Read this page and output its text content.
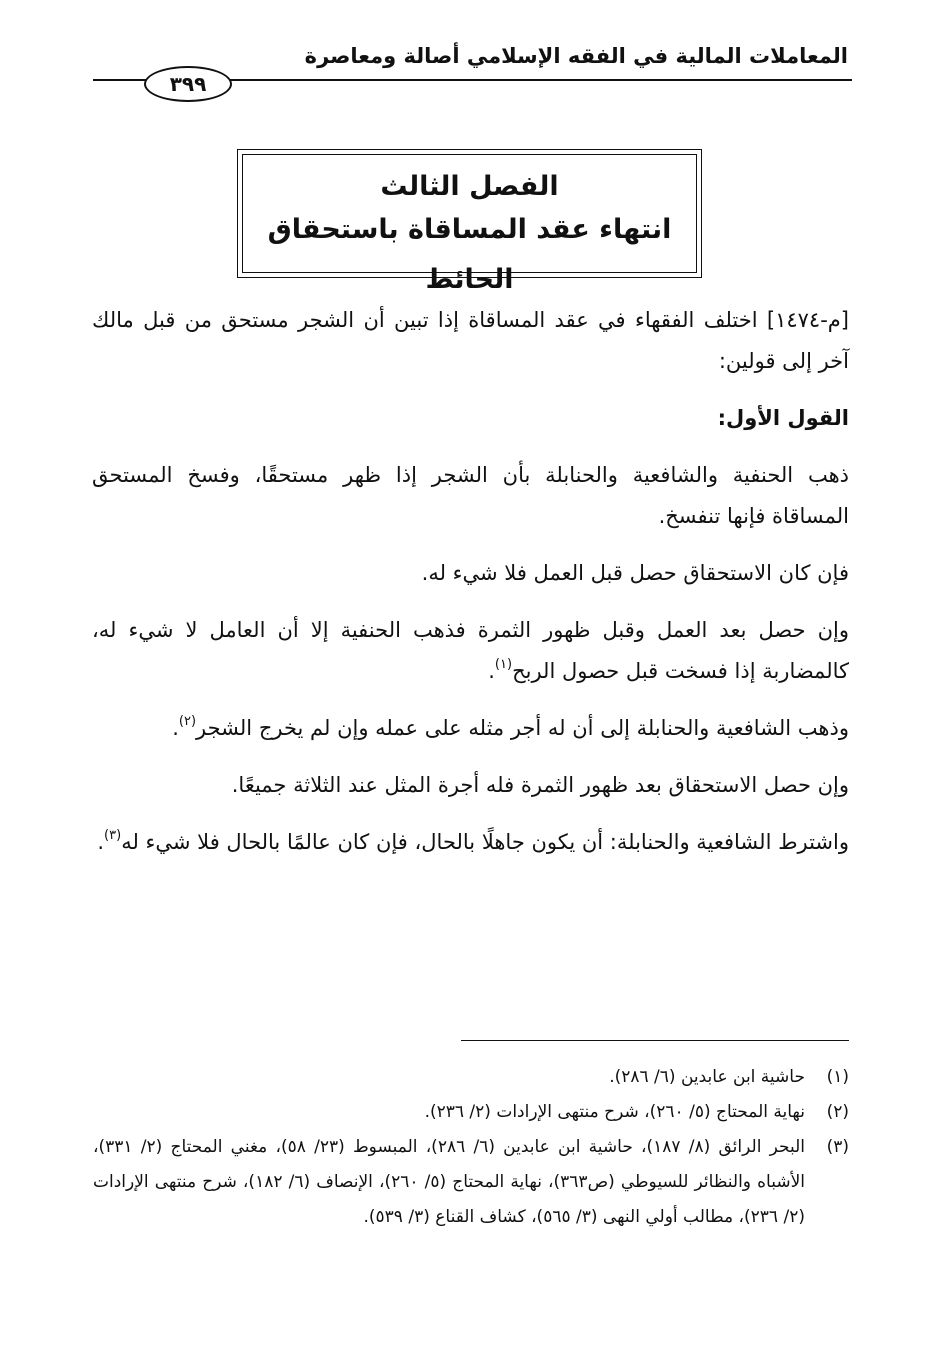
المعاملات المالية في الفقه الإسلامي أصالة ومعاصرة
٣٩٩
الفصل الثالث
انتهاء عقد المساقاة باستحقاق الحائط

[م-١٤٧٤] اختلف الفقهاء في عقد المساقاة إذا تبين أن الشجر مستحق من قبل مالك آخر إلى قولين:

القول الأول:

ذهب الحنفية والشافعية والحنابلة بأن الشجر إذا ظهر مستحقًا، وفسخ المستحق المساقاة فإنها تنفسخ.

فإن كان الاستحقاق حصل قبل العمل فلا شيء له.

وإن حصل بعد العمل وقبل ظهور الثمرة فذهب الحنفية إلا أن العامل لا شيء له، كالمضاربة إذا فسخت قبل حصول الربح$^{(١)}$.

وذهب الشافعية والحنابلة إلى أن له أجر مثله على عمله وإن لم يخرج الشجر$^{(٢)}$.

وإن حصل الاستحقاق بعد ظهور الثمرة فله أجرة المثل عند الثلاثة جميعًا.

واشترط الشافعية والحنابلة: أن يكون جاهلًا بالحال، فإن كان عالمًا بالحال فلا شيء له$^{(٣)}$.

(١)
حاشية ابن عابدين (٦/ ٢٨٦).
(٢)
نهاية المحتاج (٥/ ٢٦٠)، شرح منتهى الإرادات (٢/ ٢٣٦).
(٣)
البحر الرائق (٨/ ١٨٧)، حاشية ابن عابدين (٦/ ٢٨٦)، المبسوط (٢٣/ ٥٨)، مغني المحتاج (٢/ ٣٣١)، الأشباه والنظائر للسيوطي (ص٣٦٣)، نهاية المحتاج (٥/ ٢٦٠)، الإنصاف (٦/ ١٨٢)، شرح منتهى الإرادات (٢/ ٢٣٦)، مطالب أولي النهى (٣/ ٥٦٥)، كشاف القناع (٣/ ٥٣٩).
